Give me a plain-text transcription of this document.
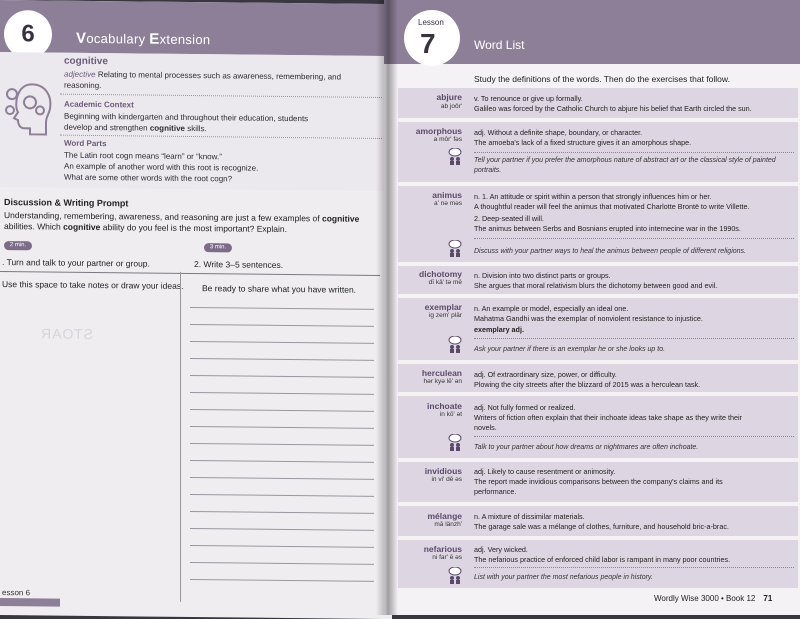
6	Vocabulary Extension
cognitive
adjective Relating to mental processes such as awareness, remembering, and
reasoning.
Academic Context
Beginning with kindergarten and throughout their education, students
develop and strengthen cognitive skills.
Word Parts
The Latin root cogn means “learn” or “know.”
An example of another word with this root is recognize.
What are some other words with the root cogn?
Discussion & Writing Prompt
Understanding, remembering, awareness, and reasoning are just a few examples of cognitive
abilities. Which cognitive ability do you feel is the most important? Explain.
2 min.	3 min.
. Turn and talk to your partner or group.	2. Write 3–5 sentences.
Use this space to take notes or draw your ideas. Be ready to share what you have written.
STOAR
esson 6
Lesson
7	Word List
Study the definitions of the words. Then do the exercises that follow.
abjure
ab joôr'
v. To renounce or give up formally.
Galileo was forced by the Catholic Church to abjure his belief that Earth circled the sun.
amorphous
a môr' fəs
adj. Without a definite shape, boundary, or character.
The amoeba's lack of a fixed structure gives it an amorphous shape.
Tell your partner if you prefer the amorphous nature of abstract art or the classical style of painted portraits.
animus
a' nə məs
n. 1. An attitude or spirit within a person that strongly influences him or her.
A thoughtful reader will feel the animus that motivated Charlotte Brontë to write Villette.
2. Deep-seated ill will.
The animus between Serbs and Bosnians erupted into internecine war in the 1990s.
Discuss with your partner ways to heal the animus between people of different religions.
dichotomy
dī kä' tə mē
n. Division into two distinct parts or groups.
She argues that moral relativism blurs the dichotomy between good and evil.
exemplar
ig zem' plär
n. An example or model, especially an ideal one.
Mahatma Gandhi was the exemplar of nonviolent resistance to injustice.
exemplary adj.
Ask your partner if there is an exemplar he or she looks up to.
herculean
hər kyə lē' ən
adj. Of extraordinary size, power, or difficulty.
Plowing the city streets after the blizzard of 2015 was a herculean task.
inchoate
in kō' ət
adj. Not fully formed or realized.
Writers of fiction often explain that their inchoate ideas take shape as they write their
novels.
Talk to your partner about how dreams or nightmares are often inchoate.
invidious
in vi' dē əs
adj. Likely to cause resentment or animosity.
The report made invidious comparisons between the company's claims and its
performance.
mélange
mā länzh'
n. A mixture of dissimilar materials.
The garage sale was a mélange of clothes, furniture, and household bric-a-brac.
nefarious
ni far' ē əs
adj. Very wicked.
The nefarious practice of enforced child labor is rampant in many poor countries.
List with your partner the most nefarious people in history.
Wordly Wise 3000 • Book 12 71
